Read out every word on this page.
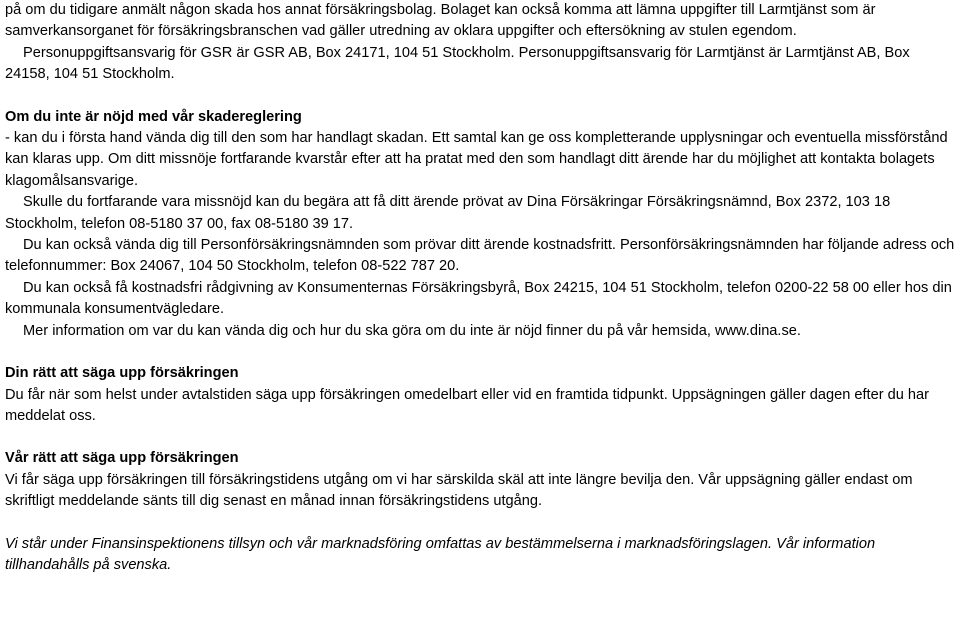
på om du tidigare anmält någon skada hos annat försäkringsbolag. Bolaget kan också komma att lämna uppgifter till Larmtjänst som är samverkansorganet för försäkringsbranschen vad gäller utredning av oklara uppgifter och eftersökning av stulen egendom.

Personuppgiftsansvarig för GSR är GSR AB, Box 24171, 104 51 Stockholm. Personuppgiftsansvarig för Larmtjänst är Larmtjänst AB, Box 24158, 104 51 Stockholm.

Om du inte är nöjd med vår skadereglering

- kan du i första hand vända dig till den som har handlagt skadan. Ett samtal kan ge oss kompletterande upplysningar och eventuella missförstånd kan klaras upp. Om ditt missnöje fortfarande kvarstår efter att ha pratat med den som handlagt ditt ärende har du möjlighet att kontakta bolagets klagomålsansvarige.

Skulle du fortfarande vara missnöjd kan du begära att få ditt ärende prövat av Dina Försäkringar Försäkringsnämnd, Box 2372, 103 18 Stockholm, telefon 08-5180 37 00, fax 08-5180 39 17.

Du kan också vända dig till Personförsäkringsnämnden som prövar ditt ärende kostnadsfritt. Personförsäkringsnämnden har följande adress och telefonnummer: Box 24067, 104 50 Stockholm, telefon 08-522 787 20.

Du kan också få kostnadsfri rådgivning av Konsumenternas Försäkringsbyrå, Box 24215, 104 51 Stockholm, telefon 0200-22 58 00 eller hos din kommunala konsumentvägledare.

Mer information om var du kan vända dig och hur du ska göra om du inte är nöjd finner du på vår hemsida, www.dina.se.

Din rätt att säga upp försäkringen

Du får när som helst under avtalstiden säga upp försäkringen omedelbart eller vid en framtida tidpunkt. Uppsägningen gäller dagen efter du har meddelat oss.

Vår rätt att säga upp försäkringen

Vi får säga upp försäkringen till försäkringstidens utgång om vi har särskilda skäl att inte längre bevilja den. Vår uppsägning gäller endast om skriftligt meddelande sänts till dig senast en månad innan försäkringstidens utgång.

Vi står under Finansinspektionens tillsyn och vår marknadsföring omfattas av bestämmelserna i marknadsföringslagen. Vår information tillhandahålls på svenska.
